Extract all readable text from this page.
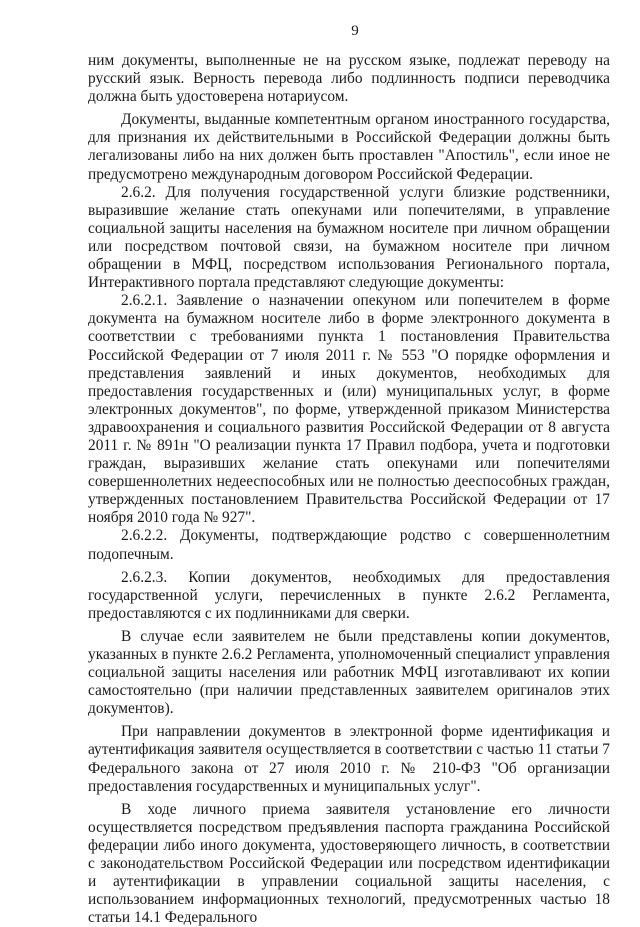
9

ним документы, выполненные не на русском языке, подлежат переводу на русский язык. Верность перевода либо подлинность подписи переводчика должна быть удостоверена нотариусом.

Документы, выданные компетентным органом иностранного государства, для признания их действительными в Российской Федерации должны быть легализованы либо на них должен быть проставлен "Апостиль", если иное не предусмотрено международным договором Российской Федерации.

2.6.2. Для получения государственной услуги близкие родственники, выразившие желание стать опекунами или попечителями, в управление социальной защиты населения на бумажном носителе при личном обращении или посредством почтовой связи, на бумажном носителе при личном обращении в МФЦ, посредством использования Регионального портала, Интерактивного портала представляют следующие документы:

2.6.2.1. Заявление о назначении опекуном или попечителем в форме документа на бумажном носителе либо в форме электронного документа в соответствии с требованиями пункта 1 постановления Правительства Российской Федерации от 7 июля 2011 г. № 553 "О порядке оформления и представления заявлений и иных документов, необходимых для предоставления государственных и (или) муниципальных услуг, в форме электронных документов", по форме, утвержденной приказом Министерства здравоохранения и социального развития Российской Федерации от 8 августа 2011 г. № 891н "О реализации пункта 17 Правил подбора, учета и подготовки граждан, выразивших желание стать опекунами или попечителями совершеннолетних недееспособных или не полностью дееспособных граждан, утвержденных постановлением Правительства Российской Федерации от 17 ноября 2010 года № 927".

2.6.2.2. Документы, подтверждающие родство с совершеннолетним подопечным.

2.6.2.3. Копии документов, необходимых для предоставления государственной услуги, перечисленных в пункте 2.6.2 Регламента, предоставляются с их подлинниками для сверки.

В случае если заявителем не были представлены копии документов, указанных в пункте 2.6.2 Регламента, уполномоченный специалист управления социальной защиты населения или работник МФЦ изготавливают их копии самостоятельно (при наличии представленных заявителем оригиналов этих документов).

При направлении документов в электронной форме идентификация и аутентификация заявителя осуществляется в соответствии с частью 11 статьи 7 Федерального закона от 27 июля 2010 г. № 210-ФЗ "Об организации предоставления государственных и муниципальных услуг".

В ходе личного приема заявителя установление его личности осуществляется посредством предъявления паспорта гражданина Российской федерации либо иного документа, удостоверяющего личность, в соответствии с законодательством Российской Федерации или посредством идентификации и аутентификации в управлении социальной защиты населения, с использованием информационных технологий, предусмотренных частью 18 статьи 14.1 Федерального
